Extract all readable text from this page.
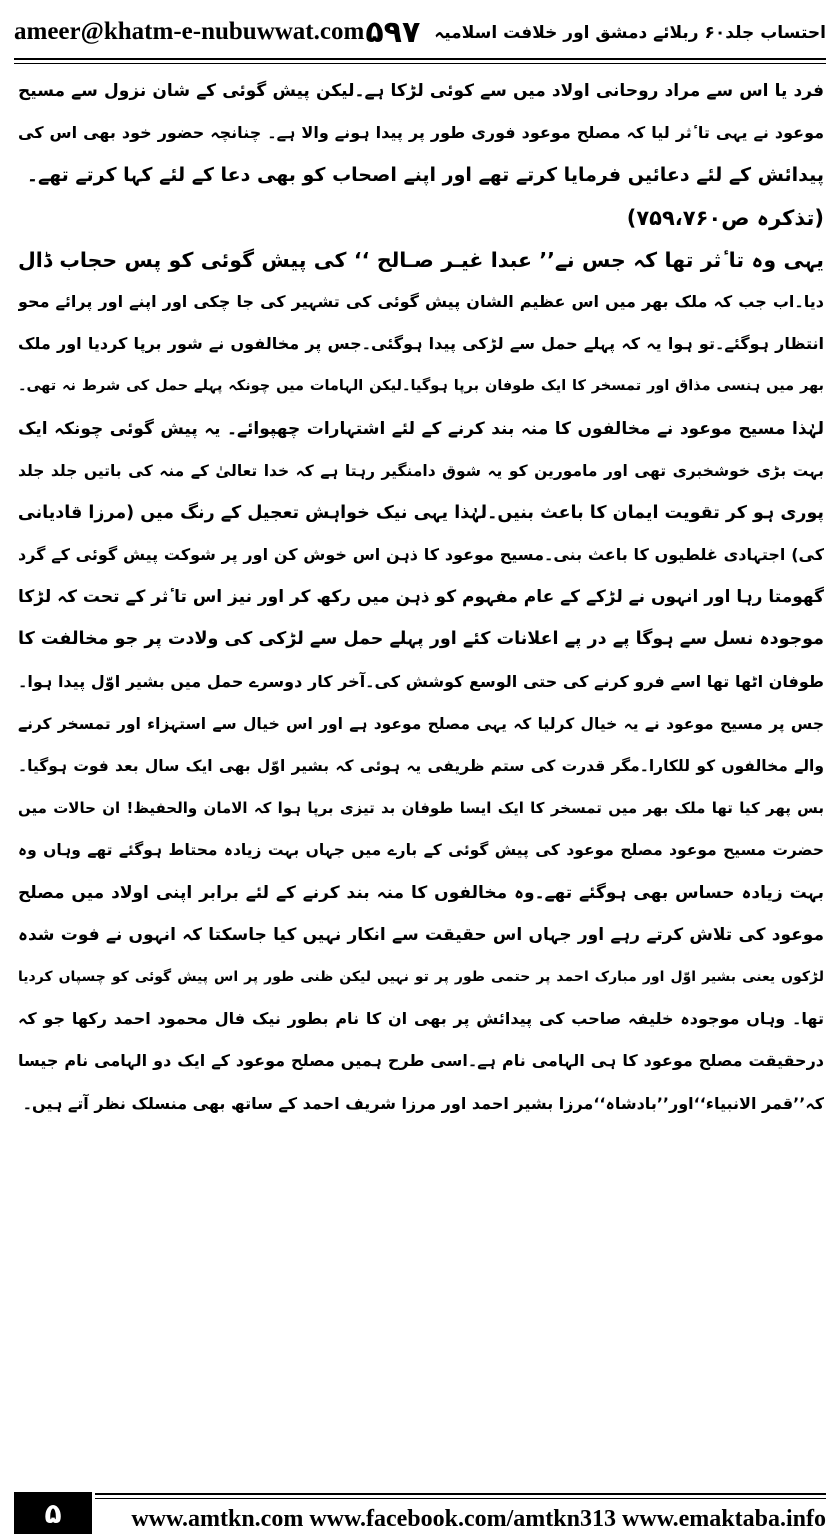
ameer@khatm-e-nubuwwat.com ۵۹۷ احتساب جلد۶۰ ربلائے دمشق اور خلافت اسلامیہ
فرد یا اس سے مراد روحانی اولاد میں سے کوئی لڑکا ہے۔لیکن پیش گوئی کے شان نزول سے مسیح
موعود نے یہی تا ٔثر لیا کہ مصلح موعود فوری طور پر پیدا ہونے والا ہے۔ چنانچہ حضور خود بھی اس کی
پیدائش کے لئے دعائیں فرمایا کرتے تھے اور اپنے اصحاب کو بھی دعا کے لئے کہا کرتے تھے۔
(تذکرہ ص۷۵۹،۷۶۰)
یہی وہ تا ٔثر تھا کہ جس نے’’ عبدا غیـر صـالح ‘‘ کی پیش گوئی کو پس حجاب ڈال
دیا۔اب جب کہ ملک بھر میں اس عظیم الشان پیش گوئی کی تشہیر کی جا چکی اور اپنے اور پرائے محو
انتظار ہوگئے۔تو ہوا یہ کہ پہلے حمل سے لڑکی پیدا ہوگئی۔جس پر مخالفوں نے شور برپا کردیا اور ملک
بھر میں ہنسی مذاق اور تمسخر کا ایک طوفان برپا ہوگیا۔لیکن الہامات میں چونکہ پہلے حمل کی شرط نہ تھی۔
لہٰذا مسیح موعود نے مخالفوں کا منہ بند کرنے کے لئے اشتہارات چھپوائے۔ یہ پیش گوئی چونکہ ایک
بہت بڑی خوشخبری تھی اور مامورین کو یہ شوق دامنگیر رہتا ہے کہ خدا تعالیٰ کے منہ کی باتیں جلد جلد
پوری ہو کر تقویت ایمان کا باعث بنیں۔لہٰذا یہی نیک خواہش تعجیل کے رنگ میں (مرزا قادیانی
کی) اجتہادی غلطیوں کا باعث بنی۔مسیح موعود کا ذہن اس خوش کن اور پر شوکت پیش گوئی کے گرد
گھومتا رہا اور انہوں نے لڑکے کے عام مفہوم کو ذہن میں رکھ کر اور نیز اس تا ٔثر کے تحت کہ لڑکا
موجودہ نسل سے ہوگا پے در پے اعلانات کئے اور پہلے حمل سے لڑکی کی ولادت پر جو مخالفت کا
طوفان اٹھا تھا اسے فرو کرنے کی حتی الوسع کوشش کی۔آخر کار دوسرے حمل میں بشیر اوّل پیدا ہوا۔
جس پر مسیح موعود نے یہ خیال کرلیا کہ یہی مصلح موعود ہے اور اس خیال سے استہزاء اور تمسخر کرنے
والے مخالفوں کو للکارا۔مگر قدرت کی ستم ظریفی یہ ہوئی کہ بشیر اوّل بھی ایک سال بعد فوت ہوگیا۔
بس پھر کیا تھا ملک بھر میں تمسخر کا ایک ایسا طوفان بد تیزی برپا ہوا کہ الامان والحفیظ! ان حالات میں
حضرت مسیح موعود مصلح موعود کی پیش گوئی کے بارے میں جہاں بہت زیادہ محتاط ہوگئے تھے وہاں وہ
بہت زیادہ حساس بھی ہوگئے تھے۔وہ مخالفوں کا منہ بند کرنے کے لئے برابر اپنی اولاد میں مصلح
موعود کی تلاش کرتے رہے اور جہاں اس حقیقت سے انکار نہیں کیا جاسکتا کہ انہوں نے فوت شدہ
لڑکوں یعنی بشیر اوّل اور مبارک احمد پر حتمی طور پر تو نہیں لیکن ظنی طور پر اس پیش گوئی کو چسپاں کردیا
تھا۔ وہاں موجودہ خلیفہ صاحب کی پیدائش پر بھی ان کا نام بطور نیک فال محمود احمد رکھا جو کہ
درحقیقت مصلح موعود کا ہی الہامی نام ہے۔اسی طرح ہمیں مصلح موعود کے ایک دو الہامی نام جیسا
کہ’’قمر الانبیاء‘‘اور’’بادشاہ‘‘مرزا بشیر احمد اور مرزا شریف احمد کے ساتھ بھی منسلک نظر آتے ہیں۔
۵	www.amtkn.com www.facebook.com/amtkn313 www.emaktaba.info
